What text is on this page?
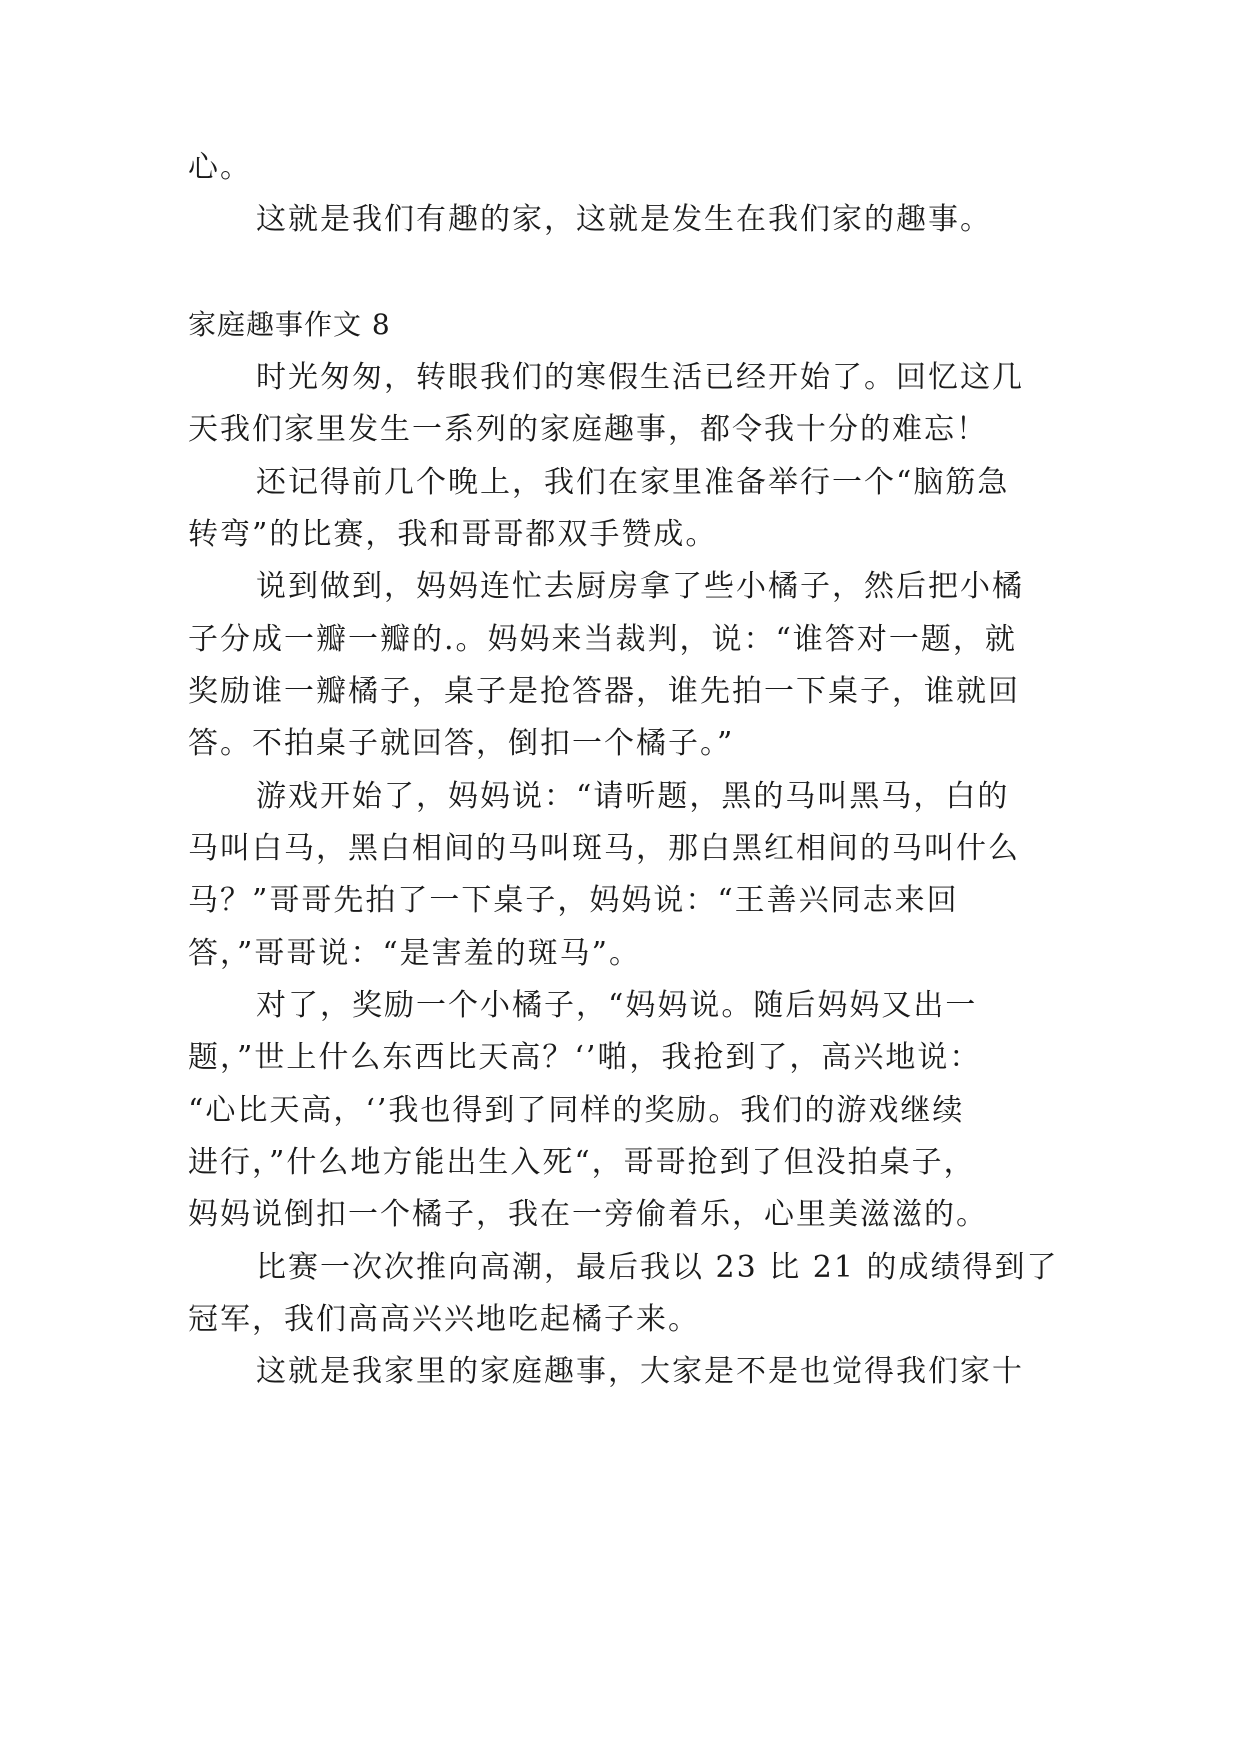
心。
这就是我们有趣的家，这就是发生在我们家的趣事。
家庭趣事作文 8
时光匆匆，转眼我们的寒假生活已经开始了。回忆这几
天我们家里发生一系列的家庭趣事，都令我十分的难忘！
还记得前几个晚上，我们在家里准备举行一个“脑筋急
转弯”的比赛，我和哥哥都双手赞成。
说到做到，妈妈连忙去厨房拿了些小橘子，然后把小橘
子分成一瓣一瓣的.。妈妈来当裁判，说：“谁答对一题，就
奖励谁一瓣橘子，桌子是抢答器，谁先拍一下桌子，谁就回
答。不拍桌子就回答，倒扣一个橘子。”
游戏开始了，妈妈说：“请听题，黑的马叫黑马，白的
马叫白马，黑白相间的马叫斑马，那白黑红相间的马叫什么
马？”哥哥先拍了一下桌子，妈妈说：“王善兴同志来回
答，”哥哥说：“是害羞的斑马”。
对了，奖励一个小橘子，“妈妈说。随后妈妈又出一
题，”世上什么东西比天高？‘’啪，我抢到了，高兴地说：
“心比天高，‘’我也得到了同样的奖励。我们的游戏继续
进行，”什么地方能出生入死“，哥哥抢到了但没拍桌子，
妈妈说倒扣一个橘子，我在一旁偷着乐，心里美滋滋的。
比赛一次次推向高潮，最后我以 23 比 21 的成绩得到了
冠军，我们高高兴兴地吃起橘子来。
这就是我家里的家庭趣事，大家是不是也觉得我们家十
